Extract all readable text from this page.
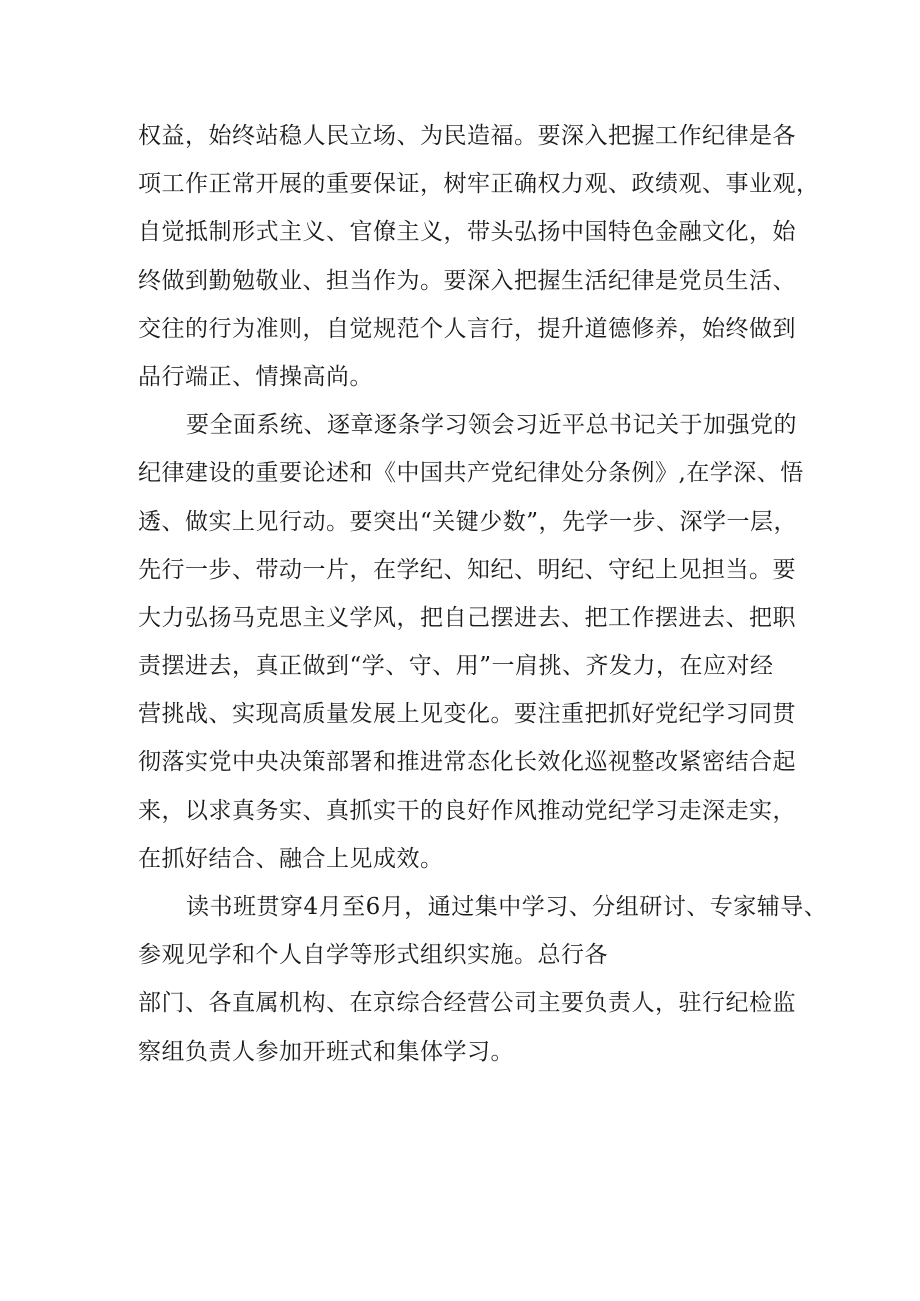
权益，始终站稳人民立场、为民造福。要深入把握工作纪律是各
项工作正常开展的重要保证，树牢正确权力观、政绩观、事业观，
自觉抵制形式主义、官僚主义，带头弘扬中国特色金融文化，始
终做到勤勉敬业、担当作为。要深入把握生活纪律是党员生活、
交往的行为准则，自觉规范个人言行，提升道德修养，始终做到
品行端正、情操高尚。
要全面系统、逐章逐条学习领会习近平总书记关于加强党的
纪律建设的重要论述和《中国共产党纪律处分条例》,在学深、悟
透、做实上见行动。要突出“关键少数”，先学一步、深学一层，
先行一步、带动一片，在学纪、知纪、明纪、守纪上见担当。要
大力弘扬马克思主义学风，把自己摆进去、把工作摆进去、把职
责摆进去，真正做到“学、守、用”一肩挑、齐发力，在应对经
营挑战、实现高质量发展上见变化。要注重把抓好党纪学习同贯
彻落实党中央决策部署和推进常态化长效化巡视整改紧密结合起
来，以求真务实、真抓实干的良好作风推动党纪学习走深走实，
在抓好结合、融合上见成效。
读书班贯穿4月至6月，通过集中学习、分组研讨、专家辅导、
参观见学和个人自学等形式组织实施。总行各
部门、各直属机构、在京综合经营公司主要负责人，驻行纪检监
察组负责人参加开班式和集体学习。
